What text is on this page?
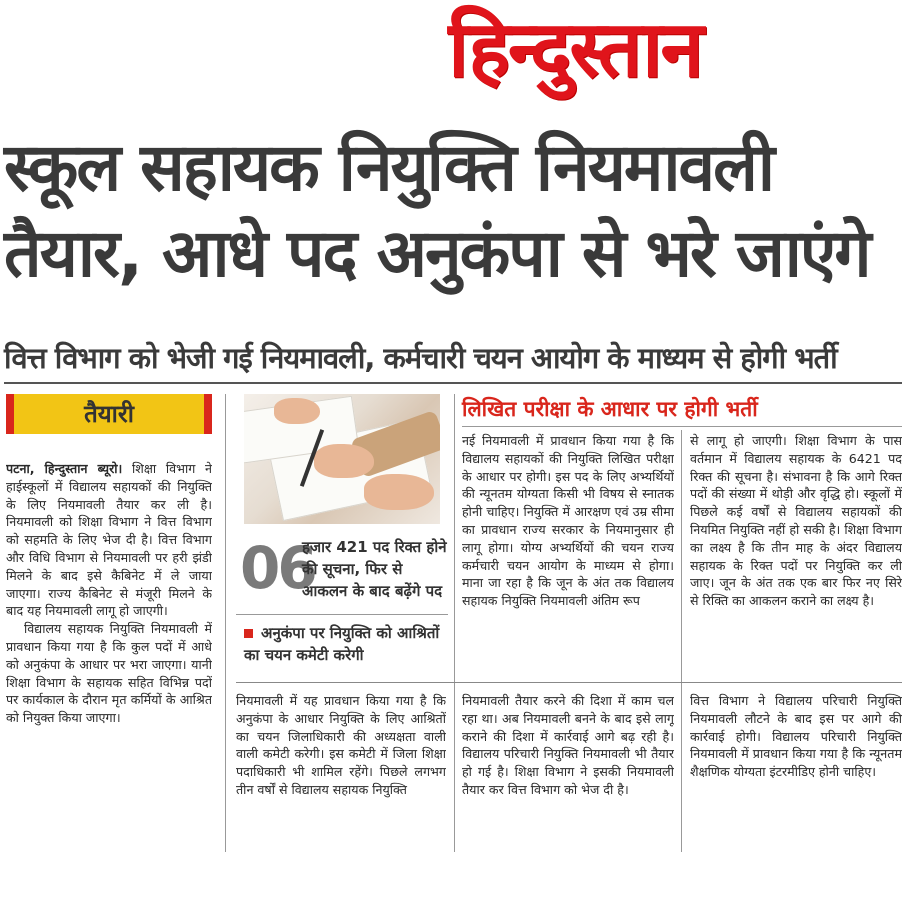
हिन्दुस्तान
स्कूल सहायक नियुक्ति नियमावली
तैयार, आधे पद अनुकंपा से भरे जाएंगे
वित्त विभाग को भेजी गई नियमावली, कर्मचारी चयन आयोग के माध्यम से होगी भर्ती
तैयारी

पटना, हिन्दुस्तान ब्यूरो। शिक्षा विभाग ने हाईस्कूलों में विद्यालय सहायकों की नियुक्ति के लिए नियमावली तैयार कर ली है। नियमावली को शिक्षा विभाग ने वित्त विभाग को सहमति के लिए भेज दी है। वित्त विभाग और विधि विभाग से नियमावली पर हरी झंडी मिलने के बाद इसे कैबिनेट में ले जाया जाएगा। राज्य कैबिनेट से मंजूरी मिलने के बाद यह नियमावली लागू हो जाएगी।

विद्यालय सहायक नियुक्ति नियमावली में प्रावधान किया गया है कि कुल पदों में आधे को अनुकंपा के आधार पर भरा जाएगा। यानी शिक्षा विभाग के सहायक सहित विभिन्न पदों पर कार्यकाल के दौरान मृत कर्मियों के आश्रित को नियुक्त किया जाएगा।

06
हजार 421 पद रिक्त होने की सूचना, फिर से आकलन के बाद बढ़ेंगे पद
अनुकंपा पर नियुक्ति को आश्रितों का चयन कमेटी करेगी
लिखित परीक्षा के आधार पर होगी भर्ती
नई नियमावली में प्रावधान किया गया है कि विद्यालय सहायकों की नियुक्ति लिखित परीक्षा के आधार पर होगी। इस पद के लिए अभ्यर्थियों की न्यूनतम योग्यता किसी भी विषय से स्नातक होनी चाहिए। नियुक्ति में आरक्षण एवं उम्र सीमा का प्रावधान राज्य सरकार के नियमानुसार ही लागू होगा। योग्य अभ्यर्थियों की चयन राज्य कर्मचारी चयन आयोग के माध्यम से होगा। माना जा रहा है कि जून के अंत तक विद्यालय सहायक नियुक्ति नियमावली अंतिम रूप
से लागू हो जाएगी। शिक्षा विभाग के पास वर्तमान में विद्यालय सहायक के 6421 पद रिक्त की सूचना है। संभावना है कि आगे रिक्त पदों की संख्या में थोड़ी और वृद्धि हो। स्कूलों में पिछले कई वर्षों से विद्यालय सहायकों की नियमित नियुक्ति नहीं हो सकी है। शिक्षा विभाग का लक्ष्य है कि तीन माह के अंदर विद्यालय सहायक के रिक्त पदों पर नियुक्ति कर ली जाए। जून के अंत तक एक बार फिर नए सिरे से रिक्ति का आकलन कराने का लक्ष्य है।
नियमावली में यह प्रावधान किया गया है कि अनुकंपा के आधार नियुक्ति के लिए आश्रितों का चयन जिलाधिकारी की अध्यक्षता वाली वाली कमेटी करेगी। इस कमेटी में जिला शिक्षा पदाधिकारी भी शामिल रहेंगे। पिछले लगभग तीन वर्षों से विद्यालय सहायक नियुक्ति
नियमावली तैयार करने की दिशा में काम चल रहा था। अब नियमावली बनने के बाद इसे लागू कराने की दिशा में कार्रवाई आगे बढ़ रही है। विद्यालय परिचारी नियुक्ति नियमावली भी तैयार हो गई है। शिक्षा विभाग ने इसकी नियमावली तैयार कर वित्त विभाग को भेज दी है।
वित्त विभाग ने विद्यालय परिचारी नियुक्ति नियमावली लौटने के बाद इस पर आगे की कार्रवाई होगी। विद्यालय परिचारी नियुक्ति नियमावली में प्रावधान किया गया है कि न्यूनतम शैक्षणिक योग्यता इंटरमीडिए होनी चाहिए।
